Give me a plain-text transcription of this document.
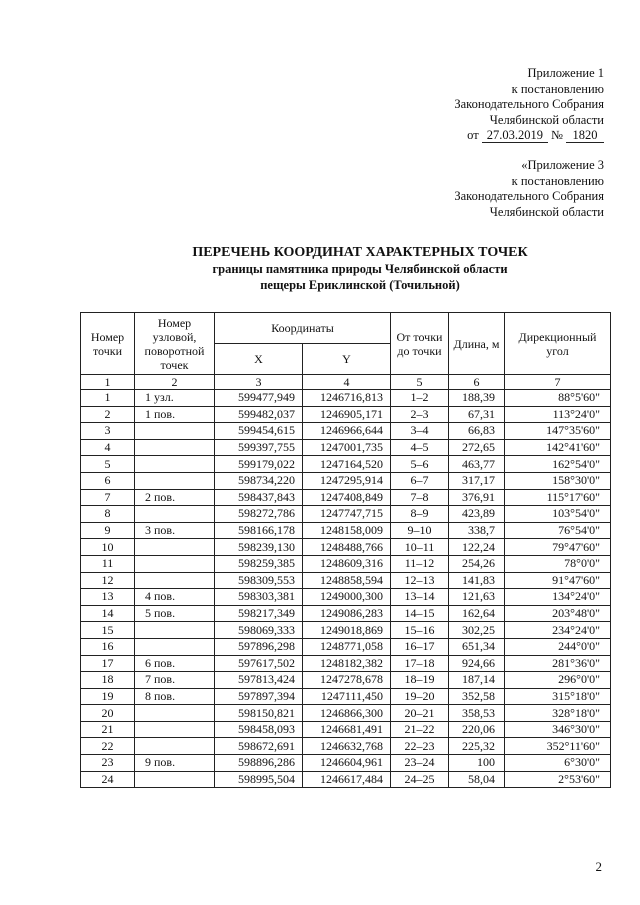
Приложение 1
к постановлению
Законодательного Собрания
Челябинской области
от 27.03.2019 № 1820
«Приложение 3
к постановлению
Законодательного Собрания
Челябинской области
ПЕРЕЧЕНЬ КООРДИНАТ ХАРАКТЕРНЫХ ТОЧЕК
границы памятника природы Челябинской области
пещеры Ериклинской (Точильной)
Номер точки	Номер узловой, поворотной точек	Координаты		От точки до точки	Длина, м	Дирекционный угол
		X	Y			
1	2	3	4	5	6	7
1	1 узл.	599477,949	1246716,813	1–2	188,39	88°5'60"
2	1 пов.	599482,037	1246905,171	2–3	67,31	113°24'0"
3		599454,615	1246966,644	3–4	66,83	147°35'60"
4		599397,755	1247001,735	4–5	272,65	142°41'60"
5		599179,022	1247164,520	5–6	463,77	162°54'0"
6		598734,220	1247295,914	6–7	317,17	158°30'0"
7	2 пов.	598437,843	1247408,849	7–8	376,91	115°17'60"
8		598272,786	1247747,715	8–9	423,89	103°54'0"
9	3 пов.	598166,178	1248158,009	9–10	338,7	76°54'0"
10		598239,130	1248488,766	10–11	122,24	79°47'60"
11		598259,385	1248609,316	11–12	254,26	78°0'0"
12		598309,553	1248858,594	12–13	141,83	91°47'60"
13	4 пов.	598303,381	1249000,300	13–14	121,63	134°24'0"
14	5 пов.	598217,349	1249086,283	14–15	162,64	203°48'0"
15		598069,333	1249018,869	15–16	302,25	234°24'0"
16		597896,298	1248771,058	16–17	651,34	244°0'0"
17	6 пов.	597617,502	1248182,382	17–18	924,66	281°36'0"
18	7 пов.	597813,424	1247278,678	18–19	187,14	296°0'0"
19	8 пов.	597897,394	1247111,450	19–20	352,58	315°18'0"
20		598150,821	1246866,300	20–21	358,53	328°18'0"
21		598458,093	1246681,491	21–22	220,06	346°30'0"
22		598672,691	1246632,768	22–23	225,32	352°11'60"
23	9 пов.	598896,286	1246604,961	23–24	100	6°30'0"
24		598995,504	1246617,484	24–25	58,04	2°53'60"
2
